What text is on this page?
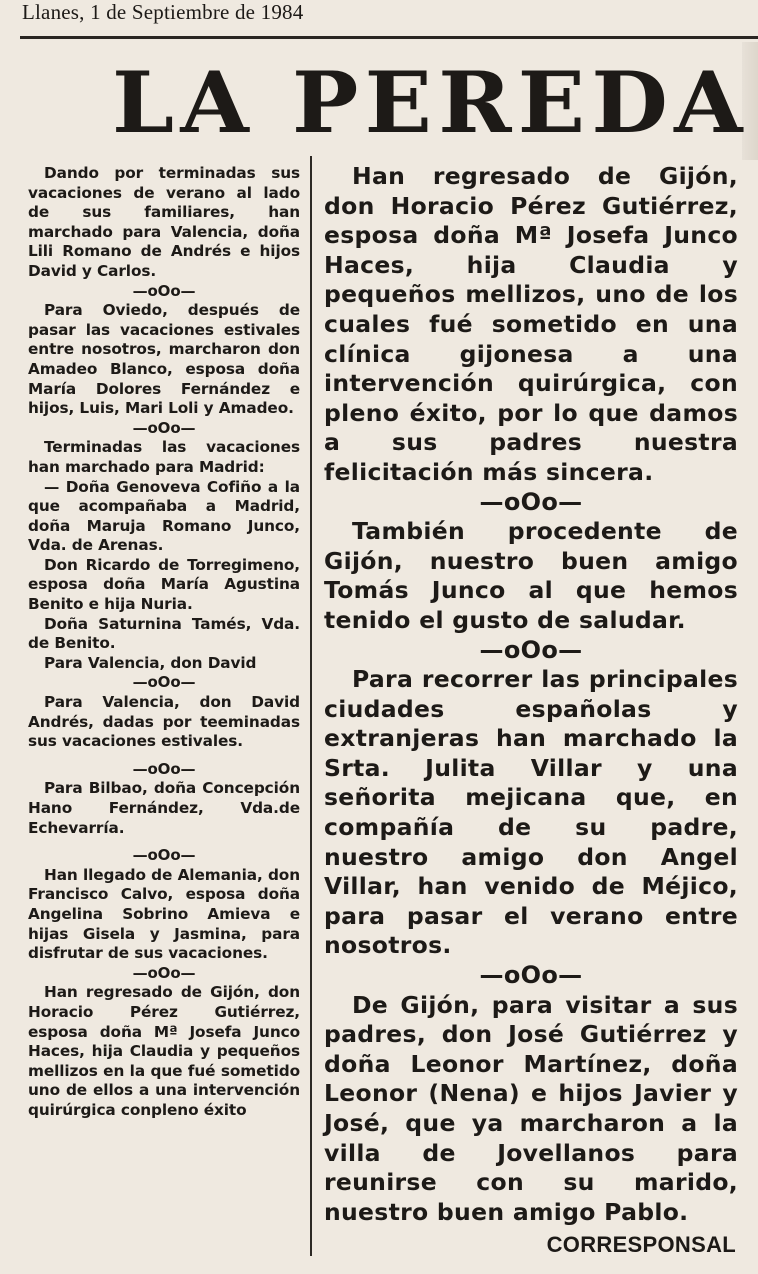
Llanes, 1 de Septiembre de 1984
LA PEREDA

Dando por terminadas sus vacaciones de verano al lado de sus familiares, han marchado para Valencia, doña Lili Romano de Andrés e hijos David y Carlos.

—oOo—

Para Oviedo, después de pasar las vacaciones estivales entre nosotros, marcharon don Amadeo Blanco, esposa doña María Dolores Fernández e hijos, Luis, Mari Loli y Amadeo.

—oOo—

Terminadas las vacaciones han marchado para Madrid:

— Doña Genoveva Cofiño a la que acompañaba a Madrid, doña Maruja Romano Junco, Vda. de Arenas.

Don Ricardo de Torregimeno, esposa doña María Agustina Benito e hija Nuria.

Doña Saturnina Tamés, Vda. de Benito.

Para Valencia, don David

—oOo—

Para Valencia, don David Andrés, dadas por teeminadas sus vacaciones estivales.

—oOo—

Para Bilbao, doña Concepción Hano Fernández, Vda.de Echevarría.

—oOo—

Han llegado de Alemania, don Francisco Calvo, esposa doña Angelina Sobrino Amieva e hijas Gisela y Jasmina, para disfrutar de sus vacaciones.

—oOo—

Han regresado de Gijón, don Horacio Pérez Gutiérrez, esposa doña Mª Josefa Junco Haces, hija Claudia y pequeños mellizos en la que fué sometido uno de ellos a una intervención quirúrgica conpleno éxito

Han regresado de Gijón, don Horacio Pérez Gutiérrez, esposa doña Mª Josefa Junco Haces, hija Claudia y pequeños mellizos, uno de los cuales fué sometido en una clínica gijonesa a una intervención quirúrgica, con pleno éxito, por lo que damos a sus padres nuestra felicitación más sincera.

—oOo—

También procedente de Gijón, nuestro buen amigo Tomás Junco al que hemos tenido el gusto de saludar.

—oOo—

Para recorrer las principales ciudades españolas y extranjeras han marchado la Srta. Julita Villar y una señorita mejicana que, en compañía de su padre, nuestro amigo don Angel Villar, han venido de Méjico, para pasar el verano entre nosotros.

—oOo—

De Gijón, para visitar a sus padres, don José Gutiérrez y doña Leonor Martínez, doña Leonor (Nena) e hijos Javier y José, que ya marcharon a la villa de Jovellanos para reunirse con su marido, nuestro buen amigo Pablo.

CORRESPONSAL
